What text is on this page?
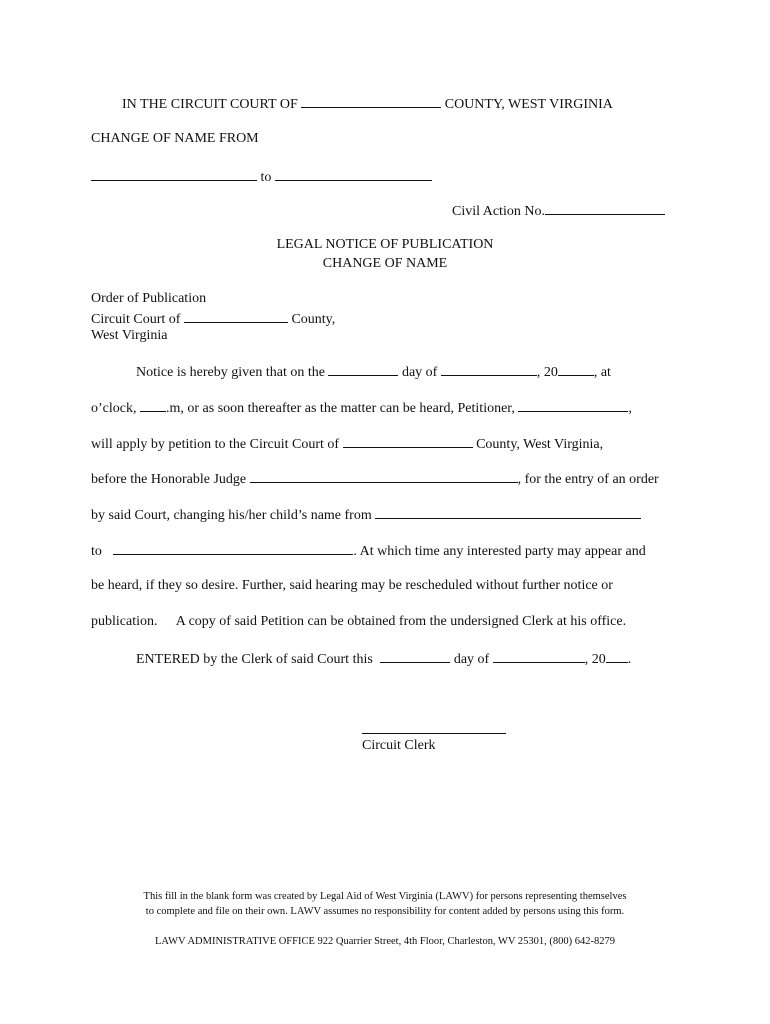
IN THE CIRCUIT COURT OF	COUNTY, WEST VIRGINIA
CHANGE OF NAME FROM
to
Civil Action No.
LEGAL NOTICE OF PUBLICATION
CHANGE OF NAME
Order of Publication
Circuit Court of	County,
West Virginia
Notice is hereby given that on the	day of	, 20	, at
o’clock, .m, or as soon thereafter as the matter can be heard, Petitioner,	,
will apply by petition to the Circuit Court of	County, West Virginia,
before the Honorable Judge	, for the entry of an order
by said Court, changing his/her child’s name from
to	. At which time any interested party may appear and
be heard, if they so desire. Further, said hearing may be rescheduled without further notice or
publication. A copy of said Petition can be obtained from the undersigned Clerk at his office.
ENTERED by the Clerk of said Court this	day of	, 20 .
Circuit Clerk
This fill in the blank form was created by Legal Aid of West Virginia (LAWV) for persons representing themselves
to complete and file on their own. LAWV assumes no responsibility for content added by persons using this form.
LAWV ADMINISTRATIVE OFFICE 922 Quarrier Street, 4th Floor, Charleston, WV 25301, (800) 642-8279
